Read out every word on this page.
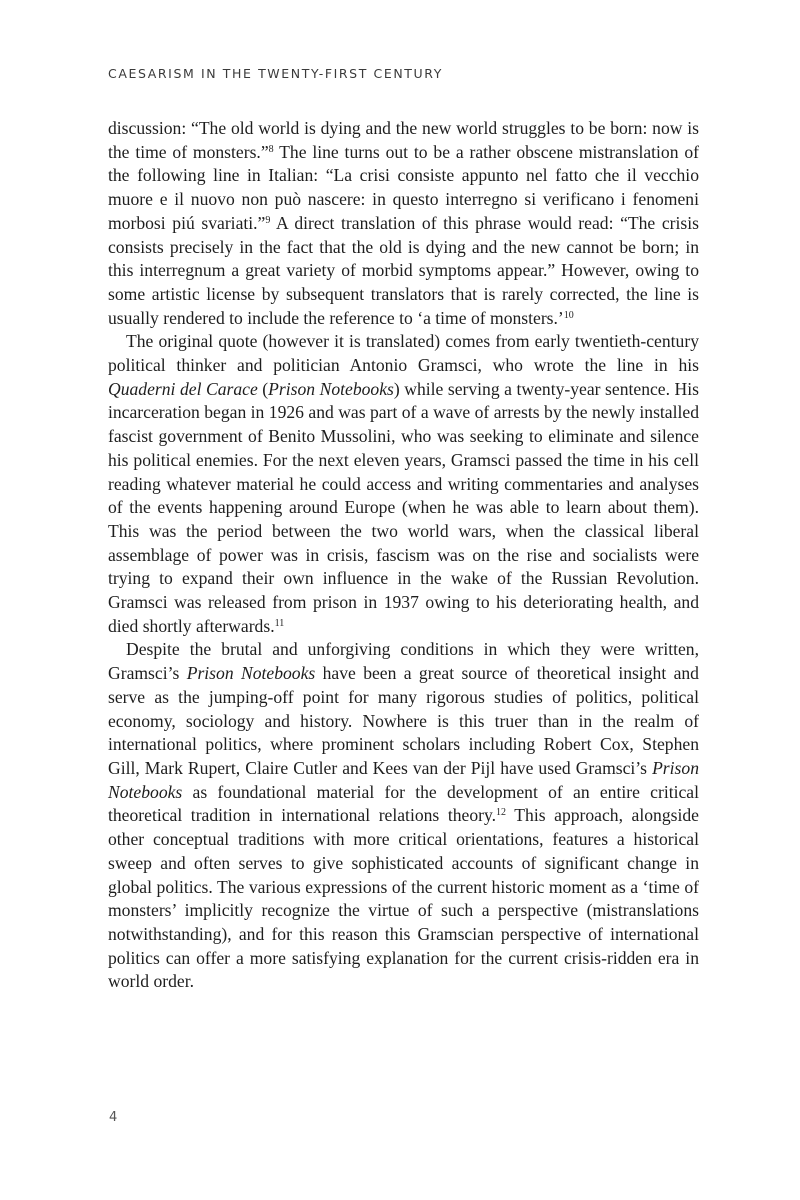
CAESARISM IN THE TWENTY-FIRST CENTURY

discussion: “The old world is dying and the new world struggles to be born: now is the time of monsters.”$^8$ The line turns out to be a rather obscene mistranslation of the following line in Italian: “La crisi consiste appunto nel fatto che il vecchio muore e il nuovo non può nascere: in questo interregno si verificano i fenomeni morbosi piú svariati.”$^9$ A direct translation of this phrase would read: “The crisis consists precisely in the fact that the old is dying and the new cannot be born; in this interregnum a great variety of morbid symptoms appear.” However, owing to some artistic license by subsequent translators that is rarely corrected, the line is usually rendered to include the reference to ‘a time of monsters.’$^{10}$

The original quote (however it is translated) comes from early twentieth-century political thinker and politician Antonio Gramsci, who wrote the line in his Quaderni del Carace (Prison Notebooks) while serving a twenty-year sentence. His incarceration began in 1926 and was part of a wave of arrests by the newly installed fascist government of Benito Mussolini, who was seeking to eliminate and silence his political enemies. For the next eleven years, Gramsci passed the time in his cell reading whatever material he could access and writing commentaries and analyses of the events happening around Europe (when he was able to learn about them). This was the period between the two world wars, when the classical liberal assemblage of power was in crisis, fascism was on the rise and socialists were trying to expand their own influence in the wake of the Russian Revolution. Gramsci was released from prison in 1937 owing to his deteriorating health, and died shortly afterwards.$^{11}$

Despite the brutal and unforgiving conditions in which they were written, Gramsci’s Prison Notebooks have been a great source of theoretical insight and serve as the jumping-off point for many rigorous studies of politics, political economy, sociology and history. Nowhere is this truer than in the realm of international politics, where prominent scholars including Robert Cox, Stephen Gill, Mark Rupert, Claire Cutler and Kees van der Pijl have used Gramsci’s Prison Notebooks as foundational material for the development of an entire critical theoretical tradition in international relations theory.$^{12}$ This approach, alongside other conceptual traditions with more critical orientations, features a historical sweep and often serves to give sophisticated accounts of significant change in global politics. The various expressions of the current historic moment as a ‘time of monsters’ implicitly recognize the virtue of such a perspective (mistranslations notwithstanding), and for this reason this Gramscian perspective of international politics can offer a more satisfying explanation for the current crisis-ridden era in world order.

4
